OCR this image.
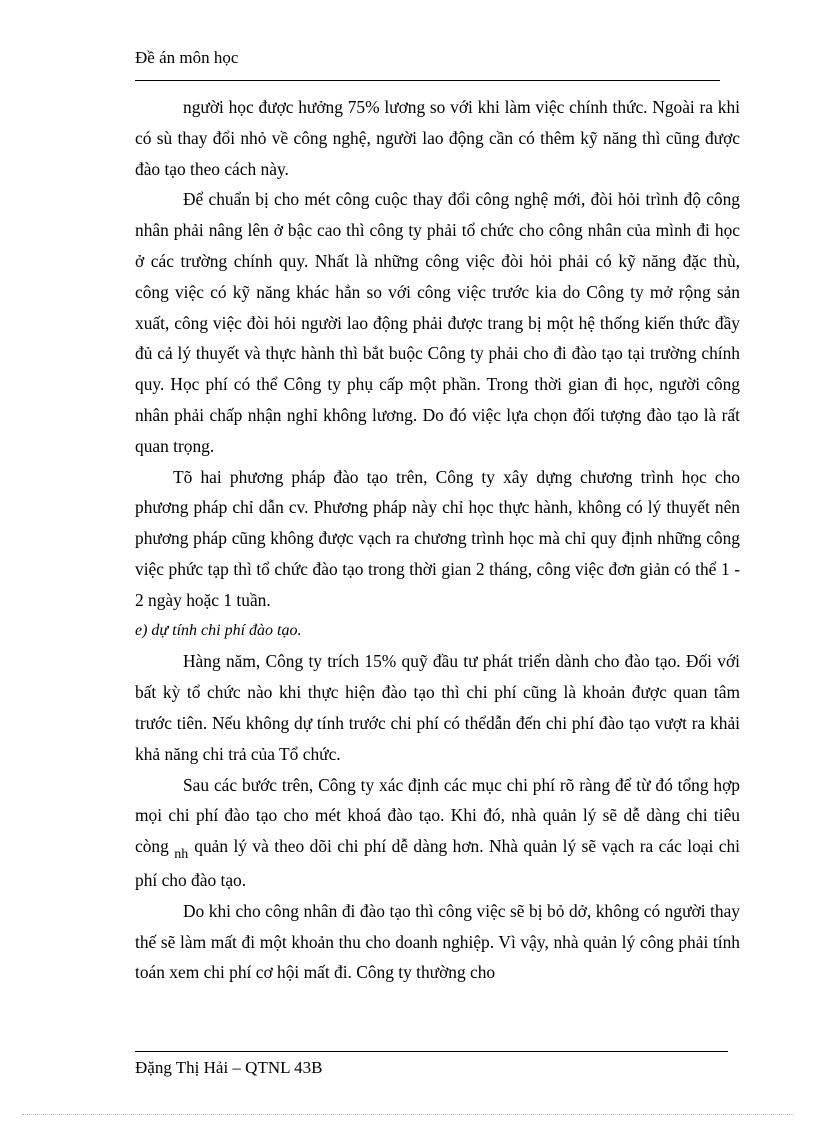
Đề án môn học

người học được hưởng 75% lương so với khi làm việc chính thức. Ngoài ra khi có sù thay đổi nhỏ về công nghệ, người lao động cần có thêm kỹ năng thì cũng được đào tạo theo cách này.

Để chuẩn bị cho mét công cuộc thay đổi công nghệ mới, đòi hỏi trình độ công nhân phải nâng lên ở bậc cao thì công ty phải tổ chức cho công nhân của mình đi học ở các trường chính quy. Nhất là những công việc đòi hỏi phải có kỹ năng đặc thù, công việc có kỹ năng khác hẳn so với công việc trước kia do Công ty mở rộng sản xuất, công việc đòi hỏi người lao động phải được trang bị một hệ thống kiến thức đầy đủ cả lý thuyết và thực hành thì bắt buộc Công ty phải cho đi đào tạo tại trường chính quy. Học phí có thể Công ty phụ cấp một phần. Trong thời gian đi học, người công nhân phải chấp nhận nghỉ không lương. Do đó việc lựa chọn đối tượng đào tạo là rất quan trọng.

Tõ hai phương pháp đào tạo trên, Công ty xây dựng chương trình học cho phương pháp chỉ dẫn cv. Phương pháp này chỉ học thực hành, không có lý thuyết nên phương pháp cũng không được vạch ra chương trình học mà chỉ quy định những công việc phức tạp thì tổ chức đào tạo trong thời gian 2 tháng, công việc đơn giản có thể 1 - 2 ngày hoặc 1 tuần.

e) dự tính chi phí đào tạo.

Hàng năm, Công ty trích 15% quỹ đầu tư phát triển dành cho đào tạo. Đối với bất kỳ tổ chức nào khi thực hiện đào tạo thì chi phí cũng là khoản được quan tâm trước tiên. Nếu không dự tính trước chi phí có thểdẫn đến chi phí đào tạo vượt ra khải khả năng chi trả của Tổ chức.

Sau các bước trên, Công ty xác định các mục chi phí rõ ràng để từ đó tổng hợp mọi chi phí đào tạo cho mét khoá đào tạo. Khi đó, nhà quản lý sẽ dễ dàng chi tiêu còng $_{nh}$ quản lý và theo dõi chi phí dễ dàng hơn. Nhà quản lý sẽ vạch ra các loại chi phí cho đào tạo.

Do khi cho công nhân đi đào tạo thì công việc sẽ bị bỏ dở, không có người thay thế sẽ làm mất đi một khoản thu cho doanh nghiệp. Vì vậy, nhà quản lý công phải tính toán xem chi phí cơ hội mất đi. Công ty thường cho

Đặng Thị Hải – QTNL 43B
